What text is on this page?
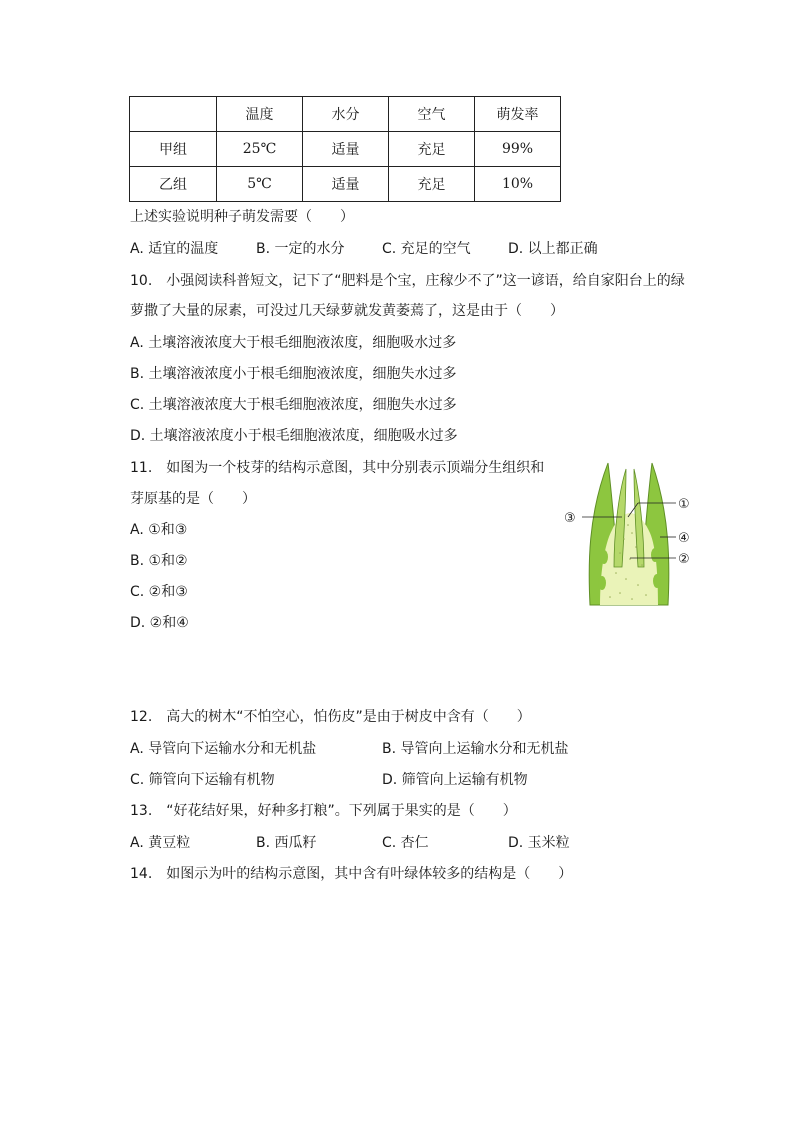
	温度	水分	空气	萌发率
甲组	25℃	适量	充足	99%
乙组	5℃	适量	充足	10%
上述实验说明种子萌发需要（　　）
A. 适宜的温度	B. 一定的水分	C. 充足的空气	D. 以上都正确
10.　小强阅读科普短文，记下了“肥料是个宝，庄稼少不了”这一谚语，给自家阳台上的绿
萝撒了大量的尿素，可没过几天绿萝就发黄萎蔫了，这是由于（　　）
A. 土壤溶液浓度大于根毛细胞液浓度，细胞吸水过多
B. 土壤溶液浓度小于根毛细胞液浓度，细胞失水过多
C. 土壤溶液浓度大于根毛细胞液浓度，细胞失水过多
D. 土壤溶液浓度小于根毛细胞液浓度，细胞吸水过多
11.　如图为一个枝芽的结构示意图，其中分别表示顶端分生组织和
芽原基的是（　　）
A. ①和③
B. ①和②
C. ②和③
D. ②和④
③
①
④
②
12.　高大的树木“不怕空心，怕伤皮”是由于树皮中含有（　　）
A. 导管向下运输水分和无机盐	B. 导管向上运输水分和无机盐
C. 筛管向下运输有机物	D. 筛管向上运输有机物
13.　“好花结好果，好种多打粮”。下列属于果实的是（　　）
A. 黄豆粒	B. 西瓜籽	C. 杏仁	D. 玉米粒
14.　如图示为叶的结构示意图，其中含有叶绿体较多的结构是（　　）
